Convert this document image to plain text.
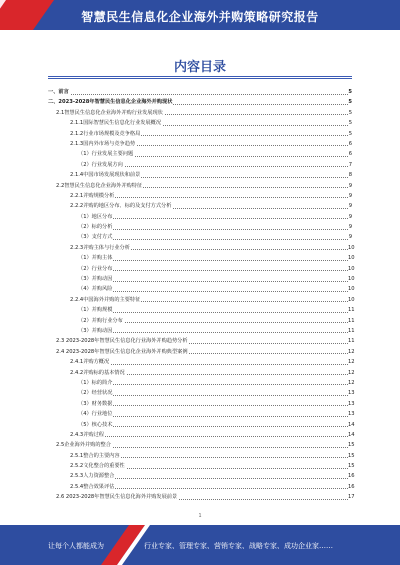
智慧民生信息化企业海外并购策略研究报告
内容目录
一、前言	5
二、2023-2028年智慧民生信息化企业海外并购现状	5
2.1智慧民生信息化企业海外并购行业发展现状	5
2.1.1国际智慧民生信息化行业发展概况	5
2.1.2行业市场规模及竞争格局	5
2.1.3国内外市场与竞争趋势	6
（1）行业发展主要问题	6
（2）行业发展方向	7
2.1.4中国市场发展现状和前景	8
2.2智慧民生信息化企业海外并购特征	9
2.2.1并购规模分析	9
2.2.2并购的地区分布、标的及支付方式分析	9
（1）地区分布	9
（2）标的分析	9
（3）支付方式	9
2.2.3并购主体与行业分析	10
（1）并购主体	10
（2）行业分布	10
（3）并购动因	10
（4）并购风险	10
2.2.4中国海外并购的主要特征	10
（1）并购规模	11
（2）并购行业分布	11
（3）并购动因	11
2.3 2023-2028年智慧民生信息化行业海外并购趋势分析	11
2.4 2023-2028年智慧民生信息化企业海外并购典型案例	12
2.4.1并购方概况	12
2.4.2并购标的基本情况	12
（1）标的简介	12
（2）经营状况	13
（3）财务数据	13
（4）行业地位	13
（5）核心技术	14
2.4.3并购过程	14
2.5企业海外并购的整合	15
2.5.1整合的主要内容	15
2.5.2文化整合的重要性	15
2.5.3人力资源整合	16
2.5.4整合效果评估	16
2.6 2023-2028年智慧民生信息化海外并购发展前景	17
1
让每个人都能成为	行业专家、管理专家、营销专家、战略专家、成功企业家……
